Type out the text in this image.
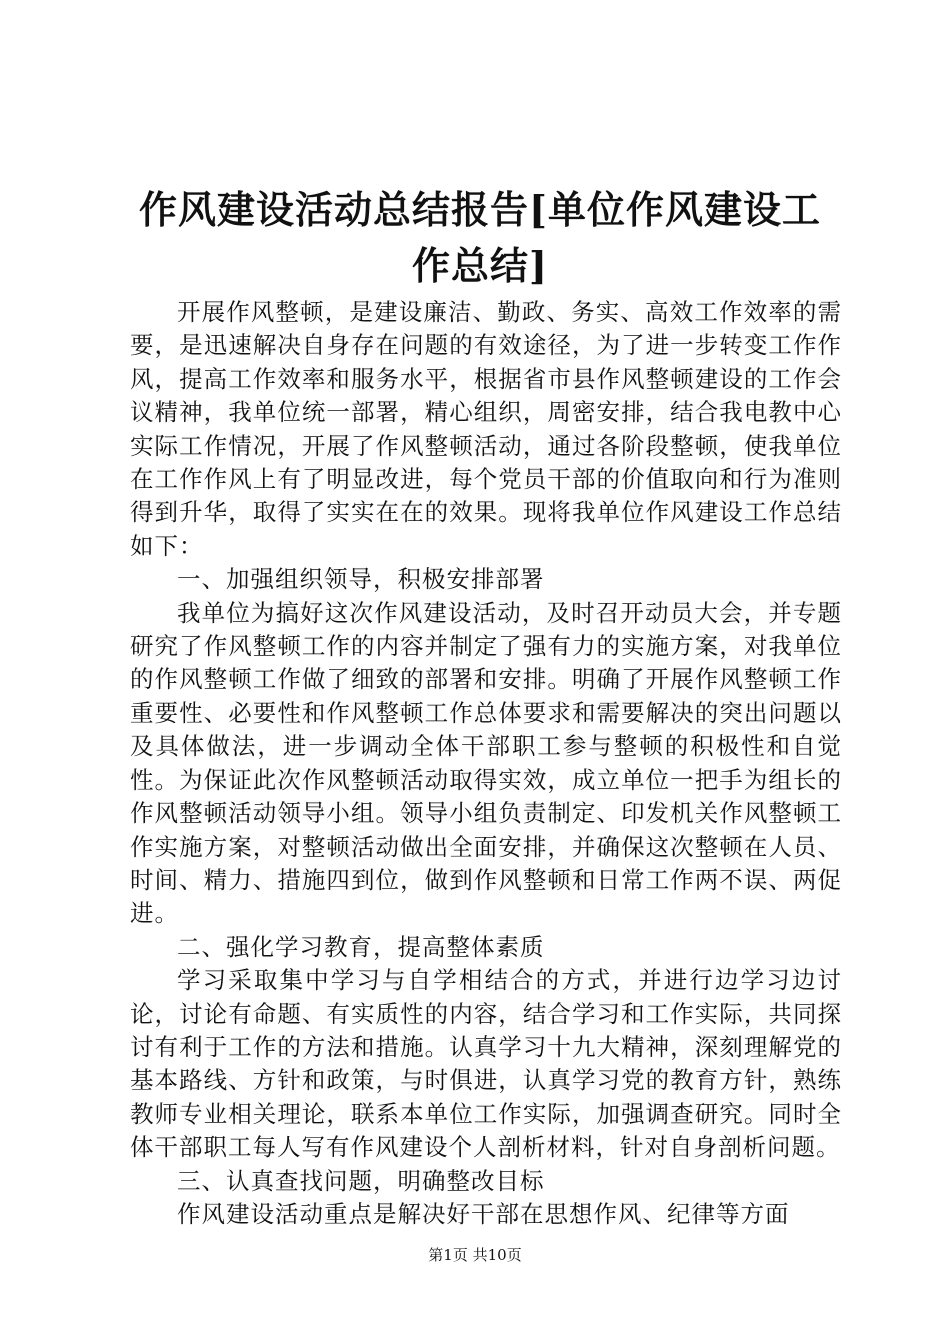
作风建设活动总结报告[单位作风建设工作总结]

开展作风整顿，是建设廉洁、勤政、务实、高效工作效率的需要，是迅速解决自身存在问题的有效途径，为了进一步转变工作作风，提高工作效率和服务水平，根据省市县作风整顿建设的工作会议精神，我单位统一部署，精心组织，周密安排，结合我电教中心实际工作情况，开展了作风整顿活动，通过各阶段整顿，使我单位在工作作风上有了明显改进，每个党员干部的价值取向和行为准则得到升华，取得了实实在在的效果。现将我单位作风建设工作总结如下：

一、加强组织领导，积极安排部署

我单位为搞好这次作风建设活动，及时召开动员大会，并专题研究了作风整顿工作的内容并制定了强有力的实施方案，对我单位的作风整顿工作做了细致的部署和安排。明确了开展作风整顿工作重要性、必要性和作风整顿工作总体要求和需要解决的突出问题以及具体做法，进一步调动全体干部职工参与整顿的积极性和自觉性。为保证此次作风整顿活动取得实效，成立单位一把手为组长的作风整顿活动领导小组。领导小组负责制定、印发机关作风整顿工作实施方案，对整顿活动做出全面安排，并确保这次整顿在人员、时间、精力、措施四到位，做到作风整顿和日常工作两不误、两促进。

二、强化学习教育，提高整体素质

学习采取集中学习与自学相结合的方式，并进行边学习边讨论，讨论有命题、有实质性的内容，结合学习和工作实际，共同探讨有利于工作的方法和措施。认真学习十九大精神，深刻理解党的基本路线、方针和政策，与时俱进，认真学习党的教育方针，熟练教师专业相关理论，联系本单位工作实际，加强调查研究。同时全体干部职工每人写有作风建设个人剖析材料，针对自身剖析问题。

三、认真查找问题，明确整改目标

作风建设活动重点是解决好干部在思想作风、纪律等方面

第1页 共10页
